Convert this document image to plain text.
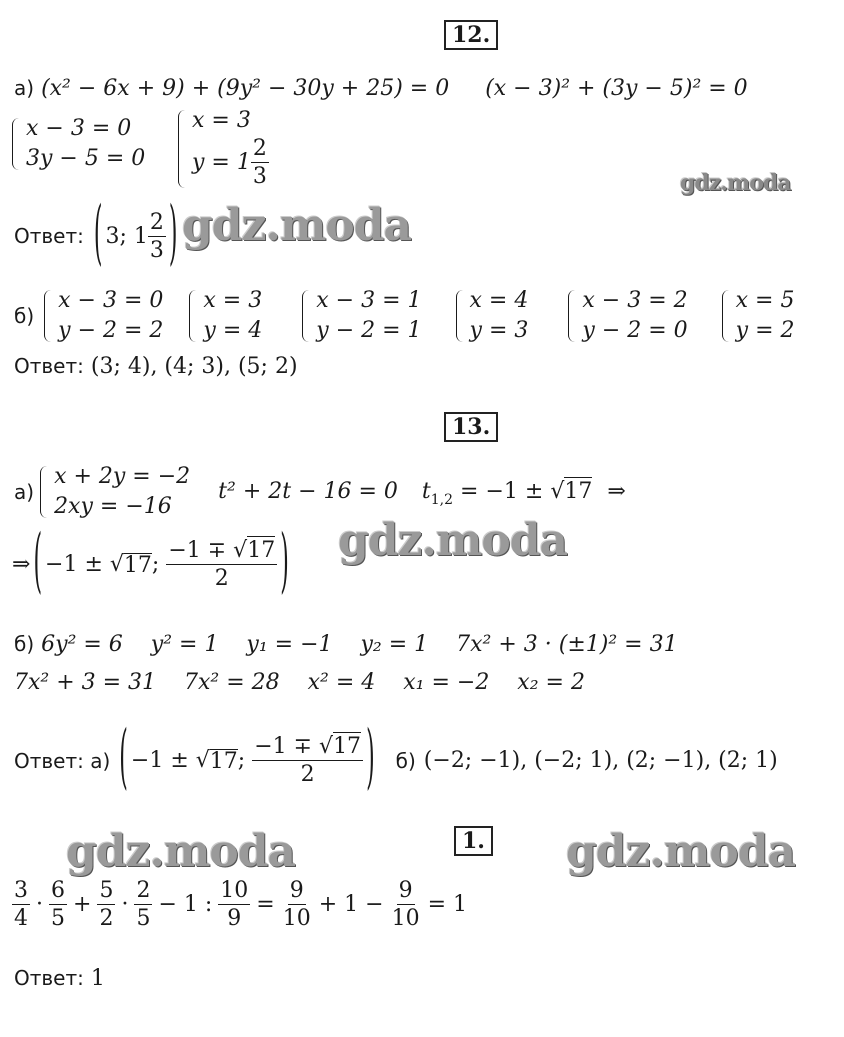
12.
а) (x² − 6x + 9) + (9y² − 30y + 25) = 0 (x − 3)² + (3y − 5)² = 0
x − 3 = 0
3y − 5 = 0
x = 3
$y = 1 \frac{2}{3}$	gdz.moda
Ответ: ( 3; $1 \frac{2}{3}$ ) gdz.moda
б)
x − 3 = 0
y − 2 = 2
x = 3
y = 4
x − 3 = 1
y − 2 = 1
x = 4
y = 3
x − 3 = 2
y − 2 = 0
x = 5
y = 2
Ответ: (3; 4), (4; 3), (5; 2)
13.
а)
x + 2y = −2
2xy = −16
t² + 2t − 16 = 0 $t_{1,2} = -1 \pm √17$ ⇒
⇒ ( −1 ± √ 17 ;
$\frac{-1 \mp √17}{2}$ ) gdz.moda
б) 6y² = 6    y² = 1    y₁ = −1    y₂ = 1    7x² + 3 · (±1)² = 31
7x² + 3 = 31    7x² = 28    x² = 4    x₁ = −2    x₂ = 2
Ответ: а) ( −1 ± √ 17 ;
$\frac{-1 \mp √17}{2}$ ) б) (−2; −1), (−2; 1), (2; −1), (2; 1)
gdz.moda	1. gdz.moda
$\frac{3}{4} \cdot \frac{6}{5} + \frac{5}{2} \cdot \frac{2}{5} - 1$ : $\frac{10}{9} = \frac{9}{10} + 1 - \frac{9}{10} = 1$
Ответ: 1
